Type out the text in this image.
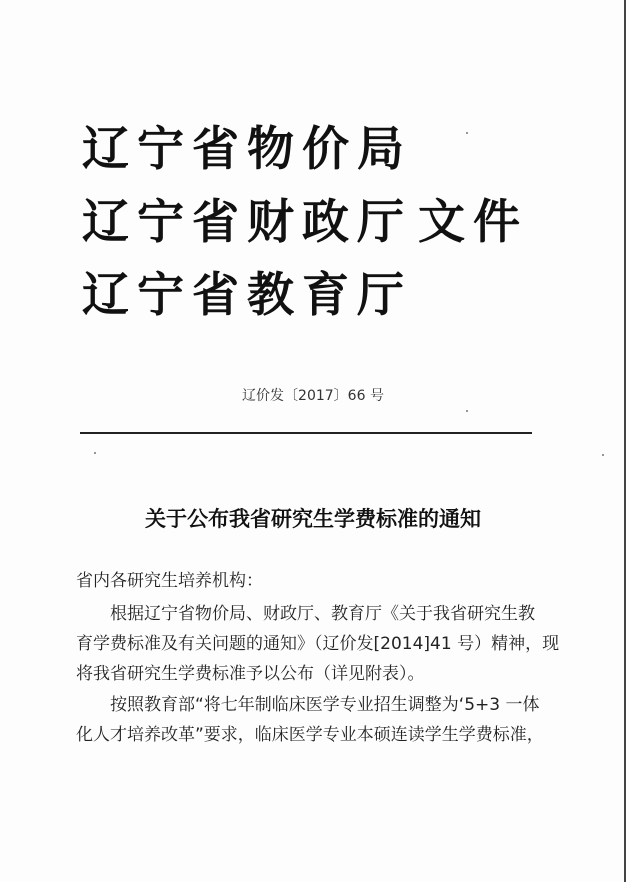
辽宁省物价局
辽宁省财政厅
辽宁省教育厅
文件
辽价发〔2017〕66 号
关于公布我省研究生学费标准的通知
省内各研究生培养机构：
根据辽宁省物价局、财政厅、教育厅《关于我省研究生教
育学费标准及有关问题的通知》（辽价发[2014]41 号）精神，现
将我省研究生学费标准予以公布（详见附表）。
按照教育部“将七年制临床医学专业招生调整为‘5+3 一体
化人才培养改革”要求，临床医学专业本硕连读学生学费标准，
